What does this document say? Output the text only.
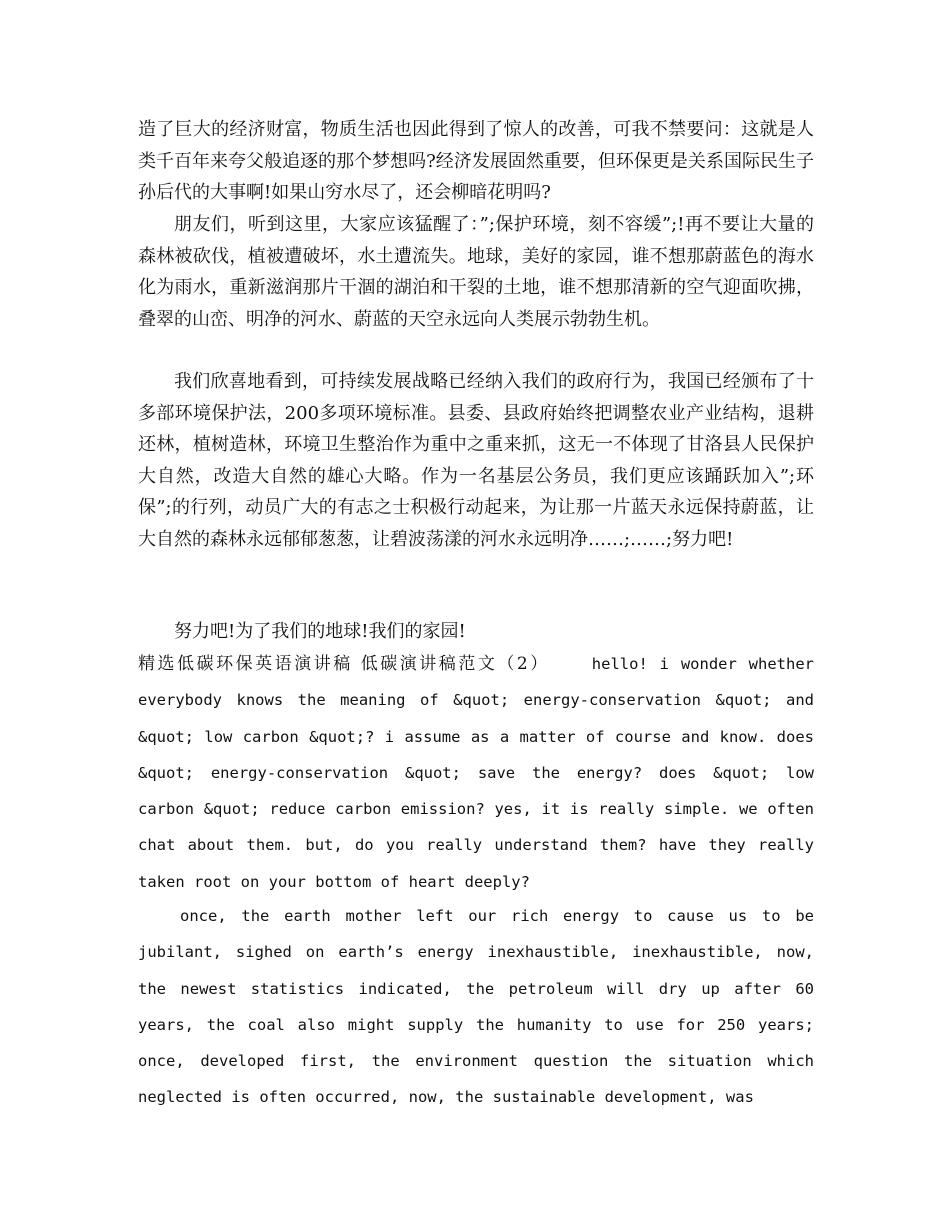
造了巨大的经济财富，物质生活也因此得到了惊人的改善，可我不禁要问：这就是人类千百年来夸父般追逐的那个梦想吗?经济发展固然重要，但环保更是关系国际民生子孙后代的大事啊!如果山穷水尽了，还会柳暗花明吗?

朋友们，听到这里，大家应该猛醒了：”;保护环境，刻不容缓”;!再不要让大量的森林被砍伐，植被遭破坏，水土遭流失。地球，美好的家园，谁不想那蔚蓝色的海水化为雨水，重新滋润那片干涸的湖泊和干裂的土地，谁不想那清新的空气迎面吹拂，叠翠的山峦、明净的河水、蔚蓝的天空永远向人类展示勃勃生机。

我们欣喜地看到，可持续发展战略已经纳入我们的政府行为，我国已经颁布了十多部环境保护法，200多项环境标准。县委、县政府始终把调整农业产业结构，退耕还林，植树造林，环境卫生整治作为重中之重来抓，这无一不体现了甘洛县人民保护大自然，改造大自然的雄心大略。作为一名基层公务员，我们更应该踊跃加入”;环保”;的行列，动员广大的有志之士积极行动起来，为让那一片蓝天永远保持蔚蓝，让大自然的森林永远郁郁葱葱，让碧波荡漾的河水永远明净……;……;努力吧!

努力吧!为了我们的地球!我们的家园!

精选低碳环保英语演讲稿 低碳演讲稿范文（2）	hello! i wonder whether everybody knows the meaning of &quot; energy-conservation &quot; and &quot; low carbon &quot;? i assume as a matter of course and know. does &quot; energy-conservation &quot; save the energy? does &quot; low carbon &quot; reduce carbon emission? yes, it is really simple. we often chat about them. but, do you really understand them? have they really taken root on your bottom of heart deeply?

once, the earth mother left our rich energy to cause us to be jubilant, sighed on earth’s energy inexhaustible, inexhaustible, now, the newest statistics indicated, the petroleum will dry up after 60 years, the coal also might supply the humanity to use for 250 years; once, developed first, the environment question the situation which neglected is often occurred, now, the sustainable development, was
